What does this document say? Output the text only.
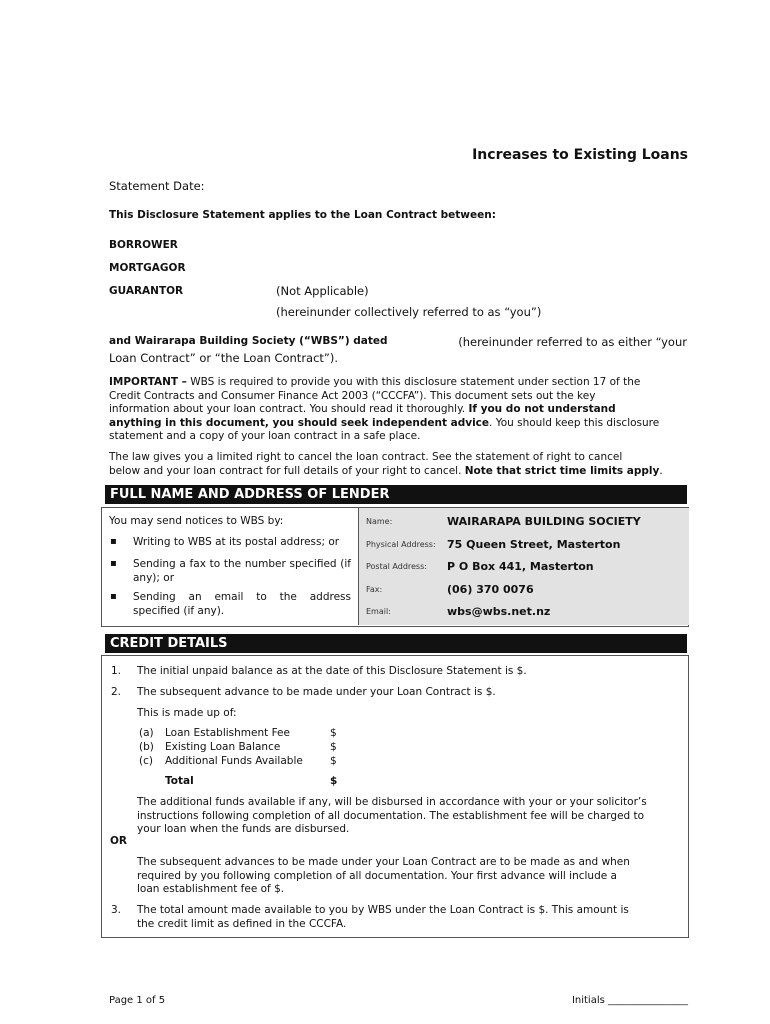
Increases to Existing Loans
Statement Date:
This Disclosure Statement applies to the Loan Contract between:
BORROWER
MORTGAGOR
GUARANTOR	(Not Applicable)
(hereinunder collectively referred to as “you”)
and Wairarapa Building Society (“WBS”) dated	(hereinunder referred to as either “your
Loan Contract” or “the Loan Contract”).
IMPORTANT – WBS is required to provide you with this disclosure statement under section 17 of the
Credit Contracts and Consumer Finance Act 2003 (“CCCFA”). This document sets out the key
information about your loan contract. You should read it thoroughly. If you do not understand
anything in this document, you should seek independent advice. You should keep this disclosure
statement and a copy of your loan contract in a safe place.
The law gives you a limited right to cancel the loan contract. See the statement of right to cancel
below and your loan contract for full details of your right to cancel. Note that strict time limits apply.
FULL NAME AND ADDRESS OF LENDER
You may send notices to WBS by:
▪ Writing to WBS at its postal address; or
▪ Sending a fax to the number specified (if any); or
▪ Sending an email to the address specified (if any).
Name:	WAIRARAPA BUILDING SOCIETY
Physical Address: 75 Queen Street, Masterton
Postal Address: P O Box 441, Masterton
Fax:	(06) 370 0076
Email:	wbs@wbs.net.nz
CREDIT DETAILS
1. The initial unpaid balance as at the date of this Disclosure Statement is $.
2. The subsequent advance to be made under your Loan Contract is $.
This is made up of:
(a) Loan Establishment Fee	$
(b) Existing Loan Balance	$
(c) Additional Funds Available	$
Total	$
The additional funds available if any, will be disbursed in accordance with your or your solicitor’s
instructions following completion of all documentation. The establishment fee will be charged to
your loan when the funds are disbursed.
OR
The subsequent advances to be made under your Loan Contract are to be made as and when
required by you following completion of all documentation. Your first advance will include a
loan establishment fee of $.
3. The total amount made available to you by WBS under the Loan Contract is $. This amount is
the credit limit as defined in the CCCFA.
Page 1 of 5	Initials ________________
